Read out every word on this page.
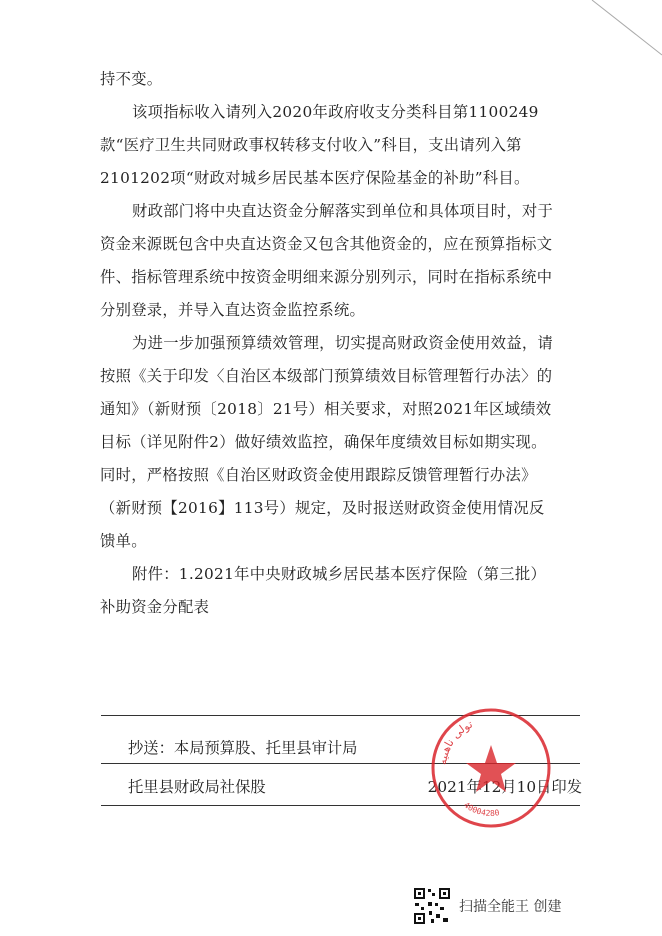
持不变。

该项指标收入请列入2020年政府收支分类科目第1100249款“医疗卫生共同财政事权转移支付收入”科目，支出请列入第2101202项“财政对城乡居民基本医疗保险基金的补助”科目。

财政部门将中央直达资金分解落实到单位和具体项目时，对于资金来源既包含中央直达资金又包含其他资金的，应在预算指标文件、指标管理系统中按资金明细来源分别列示，同时在指标系统中分别登录，并导入直达资金监控系统。

为进一步加强预算绩效管理，切实提高财政资金使用效益，请按照《关于印发〈自治区本级部门预算绩效目标管理暂行办法〉的通知》（新财预〔2018〕21号）相关要求，对照2021年区域绩效目标（详见附件2）做好绩效监控，确保年度绩效目标如期实现。同时，严格按照《自治区财政资金使用跟踪反馈管理暂行办法》（新财预【2016】113号）规定，及时报送财政资金使用情况反馈单。

附件：1.2021年中央财政城乡居民基本医疗保险（第三批）补助资金分配表

抄送：本局预算股、托里县审计局
托里县财政局社保股	2021年12月10日印发
تولى ناھىيە
40004280
扫描全能王 创建
